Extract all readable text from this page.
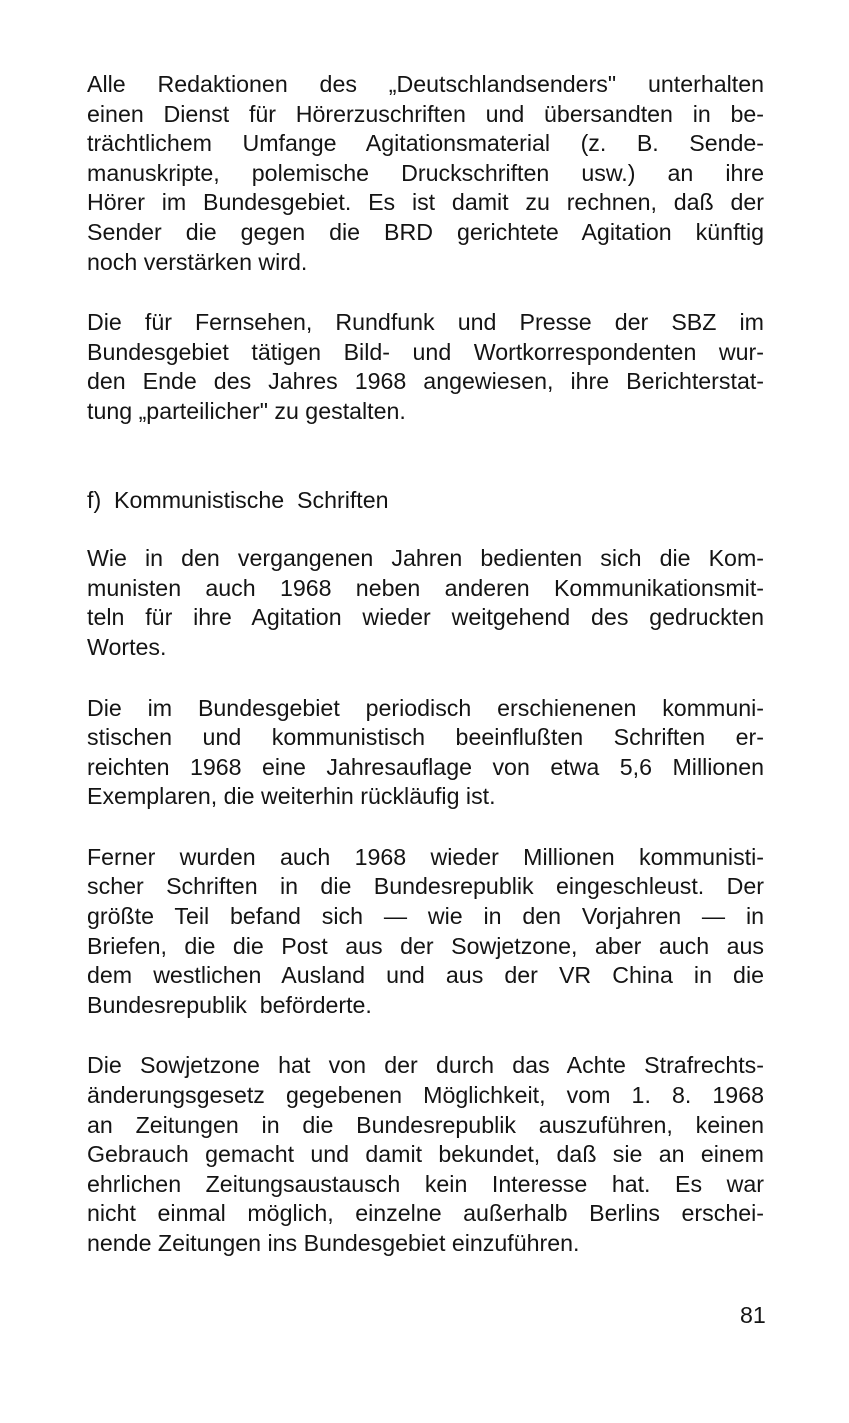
Alle Redaktionen des „Deutschlandsenders" unterhalten
einen Dienst für Hörerzuschriften und übersandten in be-
trächtlichem Umfange Agitationsmaterial (z. B. Sende-
manuskripte, polemische Druckschriften usw.) an ihre
Hörer im Bundesgebiet. Es ist damit zu rechnen, daß der
Sender die gegen die BRD gerichtete Agitation künftig
noch verstärken wird.

Die für Fernsehen, Rundfunk und Presse der SBZ im
Bundesgebiet tätigen Bild- und Wortkorrespondenten wur-
den Ende des Jahres 1968 angewiesen, ihre Berichterstat-
tung „parteilicher" zu gestalten.

f)  Kommunistische  Schriften

Wie in den vergangenen Jahren bedienten sich die Kom-
munisten auch 1968 neben anderen Kommunikationsmit-
teln für ihre Agitation wieder weitgehend des gedruckten
Wortes.

Die im Bundesgebiet periodisch erschienenen kommuni-
stischen und kommunistisch beeinflußten Schriften er-
reichten 1968 eine Jahresauflage von etwa 5,6 Millionen
Exemplaren, die weiterhin rückläufig ist.

Ferner wurden auch 1968 wieder Millionen kommunisti-
scher Schriften in die Bundesrepublik eingeschleust. Der
größte Teil befand sich — wie in den Vorjahren — in
Briefen, die die Post aus der Sowjetzone, aber auch aus
dem westlichen Ausland und aus der VR China in die
Bundesrepublik  beförderte.

Die Sowjetzone hat von der durch das Achte Strafrechts-
änderungsgesetz gegebenen Möglichkeit, vom 1. 8. 1968
an Zeitungen in die Bundesrepublik auszuführen, keinen
Gebrauch gemacht und damit bekundet, daß sie an einem
ehrlichen Zeitungsaustausch kein Interesse hat. Es war
nicht einmal möglich, einzelne außerhalb Berlins erschei-
nende Zeitungen ins Bundesgebiet einzuführen.

81
